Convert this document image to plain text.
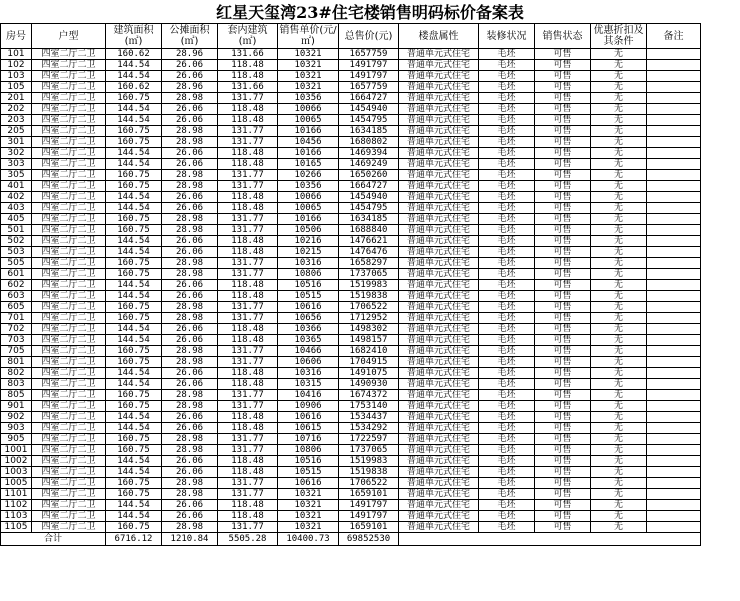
红星天玺湾23#住宅楼销售明码标价备案表
房号	户型	建筑面积(㎡)	公摊面积(㎡)	套内建筑(㎡)	销售单价(元/㎡)	总售价(元)	楼盘属性	装修状况	销售状态	优惠折扣及其条件	备注
101	四室二厅二卫	160.62	28.96	131.66	10321	1657759	普通单元式住宅	毛坯	可售	无	
102	四室二厅二卫	144.54	26.06	118.48	10321	1491797	普通单元式住宅	毛坯	可售	无	
103	四室二厅二卫	144.54	26.06	118.48	10321	1491797	普通单元式住宅	毛坯	可售	无	
105	四室二厅二卫	160.62	28.96	131.66	10321	1657759	普通单元式住宅	毛坯	可售	无	
201	四室二厅二卫	160.75	28.98	131.77	10356	1664727	普通单元式住宅	毛坯	可售	无	
202	四室二厅二卫	144.54	26.06	118.48	10066	1454940	普通单元式住宅	毛坯	可售	无	
203	四室二厅二卫	144.54	26.06	118.48	10065	1454795	普通单元式住宅	毛坯	可售	无	
205	四室二厅二卫	160.75	28.98	131.77	10166	1634185	普通单元式住宅	毛坯	可售	无	
301	四室二厅二卫	160.75	28.98	131.77	10456	1680802	普通单元式住宅	毛坯	可售	无	
302	四室二厅二卫	144.54	26.06	118.48	10166	1469394	普通单元式住宅	毛坯	可售	无	
303	四室二厅二卫	144.54	26.06	118.48	10165	1469249	普通单元式住宅	毛坯	可售	无	
305	四室二厅二卫	160.75	28.98	131.77	10266	1650260	普通单元式住宅	毛坯	可售	无	
401	四室二厅二卫	160.75	28.98	131.77	10356	1664727	普通单元式住宅	毛坯	可售	无	
402	四室二厅二卫	144.54	26.06	118.48	10066	1454940	普通单元式住宅	毛坯	可售	无	
403	四室二厅二卫	144.54	26.06	118.48	10065	1454795	普通单元式住宅	毛坯	可售	无	
405	四室二厅二卫	160.75	28.98	131.77	10166	1634185	普通单元式住宅	毛坯	可售	无	
501	四室二厅二卫	160.75	28.98	131.77	10506	1688840	普通单元式住宅	毛坯	可售	无	
502	四室二厅二卫	144.54	26.06	118.48	10216	1476621	普通单元式住宅	毛坯	可售	无	
503	四室二厅二卫	144.54	26.06	118.48	10215	1476476	普通单元式住宅	毛坯	可售	无	
505	四室二厅二卫	160.75	28.98	131.77	10316	1658297	普通单元式住宅	毛坯	可售	无	
601	四室二厅二卫	160.75	28.98	131.77	10806	1737065	普通单元式住宅	毛坯	可售	无	
602	四室二厅二卫	144.54	26.06	118.48	10516	1519983	普通单元式住宅	毛坯	可售	无	
603	四室二厅二卫	144.54	26.06	118.48	10515	1519838	普通单元式住宅	毛坯	可售	无	
605	四室二厅二卫	160.75	28.98	131.77	10616	1706522	普通单元式住宅	毛坯	可售	无	
701	四室二厅二卫	160.75	28.98	131.77	10656	1712952	普通单元式住宅	毛坯	可售	无	
702	四室二厅二卫	144.54	26.06	118.48	10366	1498302	普通单元式住宅	毛坯	可售	无	
703	四室二厅二卫	144.54	26.06	118.48	10365	1498157	普通单元式住宅	毛坯	可售	无	
705	四室二厅二卫	160.75	28.98	131.77	10466	1682410	普通单元式住宅	毛坯	可售	无	
801	四室二厅二卫	160.75	28.98	131.77	10606	1704915	普通单元式住宅	毛坯	可售	无	
802	四室二厅二卫	144.54	26.06	118.48	10316	1491075	普通单元式住宅	毛坯	可售	无	
803	四室二厅二卫	144.54	26.06	118.48	10315	1490930	普通单元式住宅	毛坯	可售	无	
805	四室二厅二卫	160.75	28.98	131.77	10416	1674372	普通单元式住宅	毛坯	可售	无	
901	四室二厅二卫	160.75	28.98	131.77	10906	1753140	普通单元式住宅	毛坯	可售	无	
902	四室二厅二卫	144.54	26.06	118.48	10616	1534437	普通单元式住宅	毛坯	可售	无	
903	四室二厅二卫	144.54	26.06	118.48	10615	1534292	普通单元式住宅	毛坯	可售	无	
905	四室二厅二卫	160.75	28.98	131.77	10716	1722597	普通单元式住宅	毛坯	可售	无	
1001	四室二厅二卫	160.75	28.98	131.77	10806	1737065	普通单元式住宅	毛坯	可售	无	
1002	四室二厅二卫	144.54	26.06	118.48	10516	1519983	普通单元式住宅	毛坯	可售	无	
1003	四室二厅二卫	144.54	26.06	118.48	10515	1519838	普通单元式住宅	毛坯	可售	无	
1005	四室二厅二卫	160.75	28.98	131.77	10616	1706522	普通单元式住宅	毛坯	可售	无	
1101	四室二厅二卫	160.75	28.98	131.77	10321	1659101	普通单元式住宅	毛坯	可售	无	
1102	四室二厅二卫	144.54	26.06	118.48	10321	1491797	普通单元式住宅	毛坯	可售	无	
1103	四室二厅二卫	144.54	26.06	118.48	10321	1491797	普通单元式住宅	毛坯	可售	无	
1105	四室二厅二卫	160.75	28.98	131.77	10321	1659101	普通单元式住宅	毛坯	可售	无	
合计		6716.12	1210.84	5505.28	10400.73	69852530					
